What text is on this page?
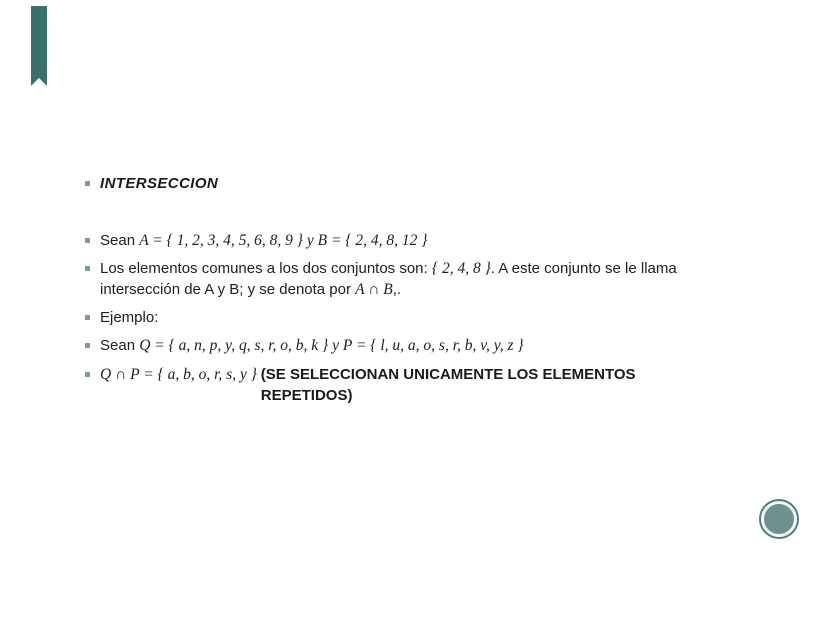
INTERSECCION
Sean A = { 1, 2, 3, 4, 5, 6, 8, 9 } y B = { 2, 4, 8, 12 }
Los elementos comunes a los dos conjuntos son: { 2, 4, 8 }. A este conjunto se le llama intersección de A y B; y se denota por A ∩ B,.
Ejemplo:
Sean Q = { a, n, p, y, q, s, r, o, b, k } y P = { l, u, a, o, s, r, b, v, y, z }
Q ∩ P = { a, b, o, r, s, y } (SE SELECCIONAN UNICAMENTE LOS ELEMENTOS REPETIDOS)
